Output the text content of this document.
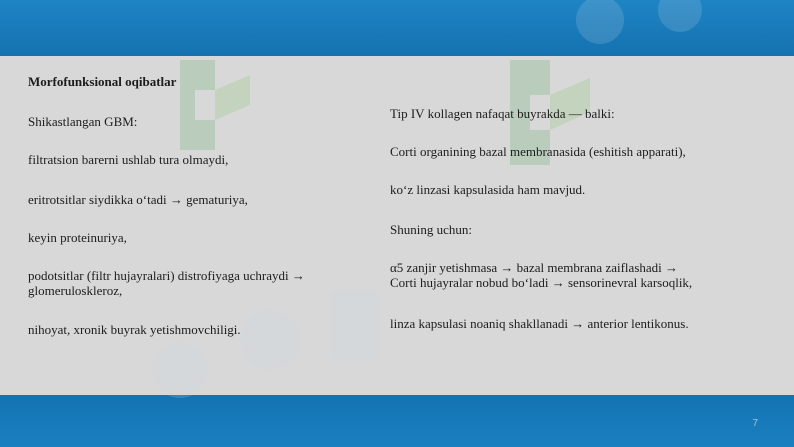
Morfofunksional oqibatlar

Shikastlangan GBM:

filtratsion barerni ushlab tura olmaydi,

eritrotsitlar siydikka o‘tadi → gematuriya,

keyin proteinuriya,

podotsitlar (filtr hujayralari) distrofiyaga uchraydi →

glomeruloskleroz,

nihoyat, xronik buyrak yetishmovchiligi.

Tip IV kollagen nafaqat buyrakda — balki:

Corti organining bazal membranasida (eshitish apparati),

ko‘z linzasi kapsulasida ham mavjud.

Shuning uchun:

α5 zanjir yetishmasa → bazal membrana zaiflashadi →

Corti hujayralar nobud bo‘ladi → sensorinevral karsoqlik,

linza kapsulasi noaniq shakllanadi → anterior lentikonus.

7
